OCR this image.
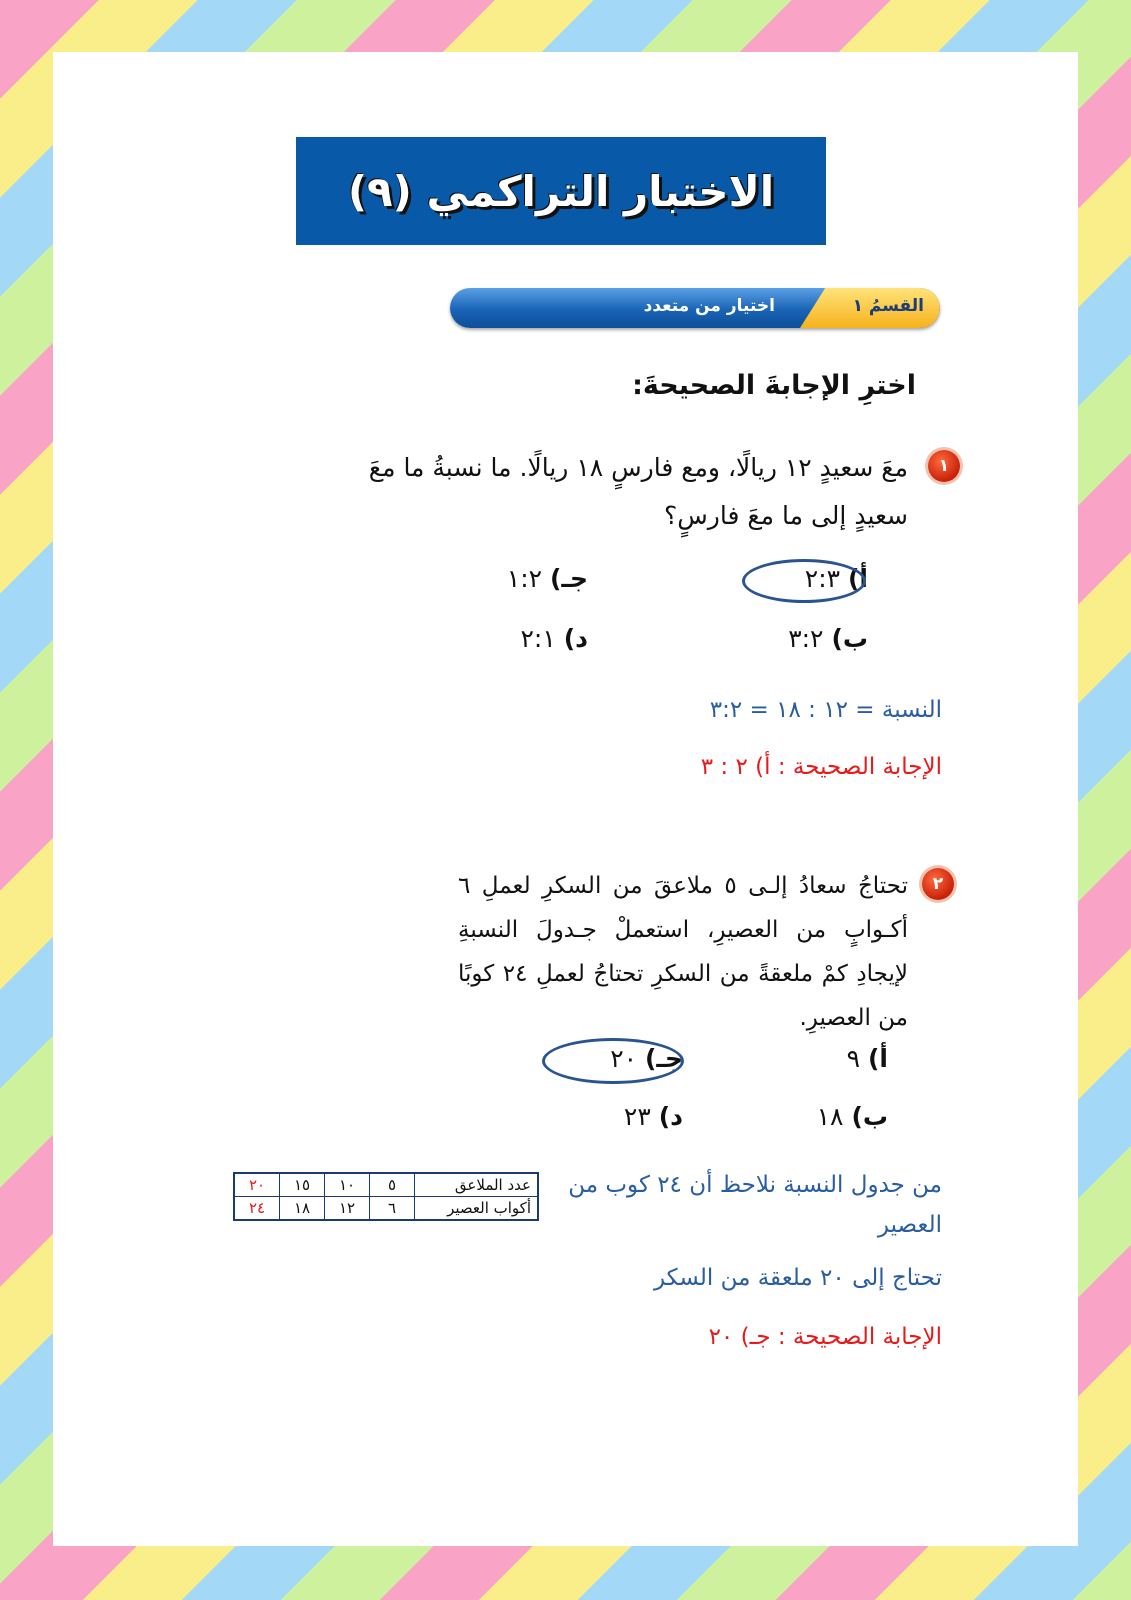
الاختبار التراكمي (٩)
القسمُ ١
اختيار من متعدد
اخترِ الإجابةَ الصحيحةَ:
١
معَ سعيدٍ ١٢ ريالًا، ومع فارسٍ ١٨ ريالًا. ما نسبةُ ما معَ سعيدٍ إلى ما معَ فارسٍ؟
أ) ٢:٣
ب) ٣:٢
جـ) ١:٢
د) ٢:١
النسبة = ١٢ : ١٨ = ٣:٢
الإجابة الصحيحة : أ) ٢ : ٣
٢
تحتاجُ سعادُ إلـى ٥ ملاعقَ من السكرِ لعملِ ٦ أكـوابٍ من العصيرِ، استعملْ جـدولَ النسبةِ لإيجادِ كمْ ملعقةً من السكرِ تحتاجُ لعملِ ٢٤ كوبًا من العصيرِ.
أ) ٩
ب) ١٨
جـ) ٢٠
د) ٢٣
من جدول النسبة نلاحظ أن ٢٤ كوب من العصير
عدد الملاعق	٥	١٠	١٥	٢٠
أكواب العصير	٦	١٢	١٨	٢٤
تحتاج إلى ٢٠ ملعقة من السكر
الإجابة الصحيحة : جـ) ٢٠
